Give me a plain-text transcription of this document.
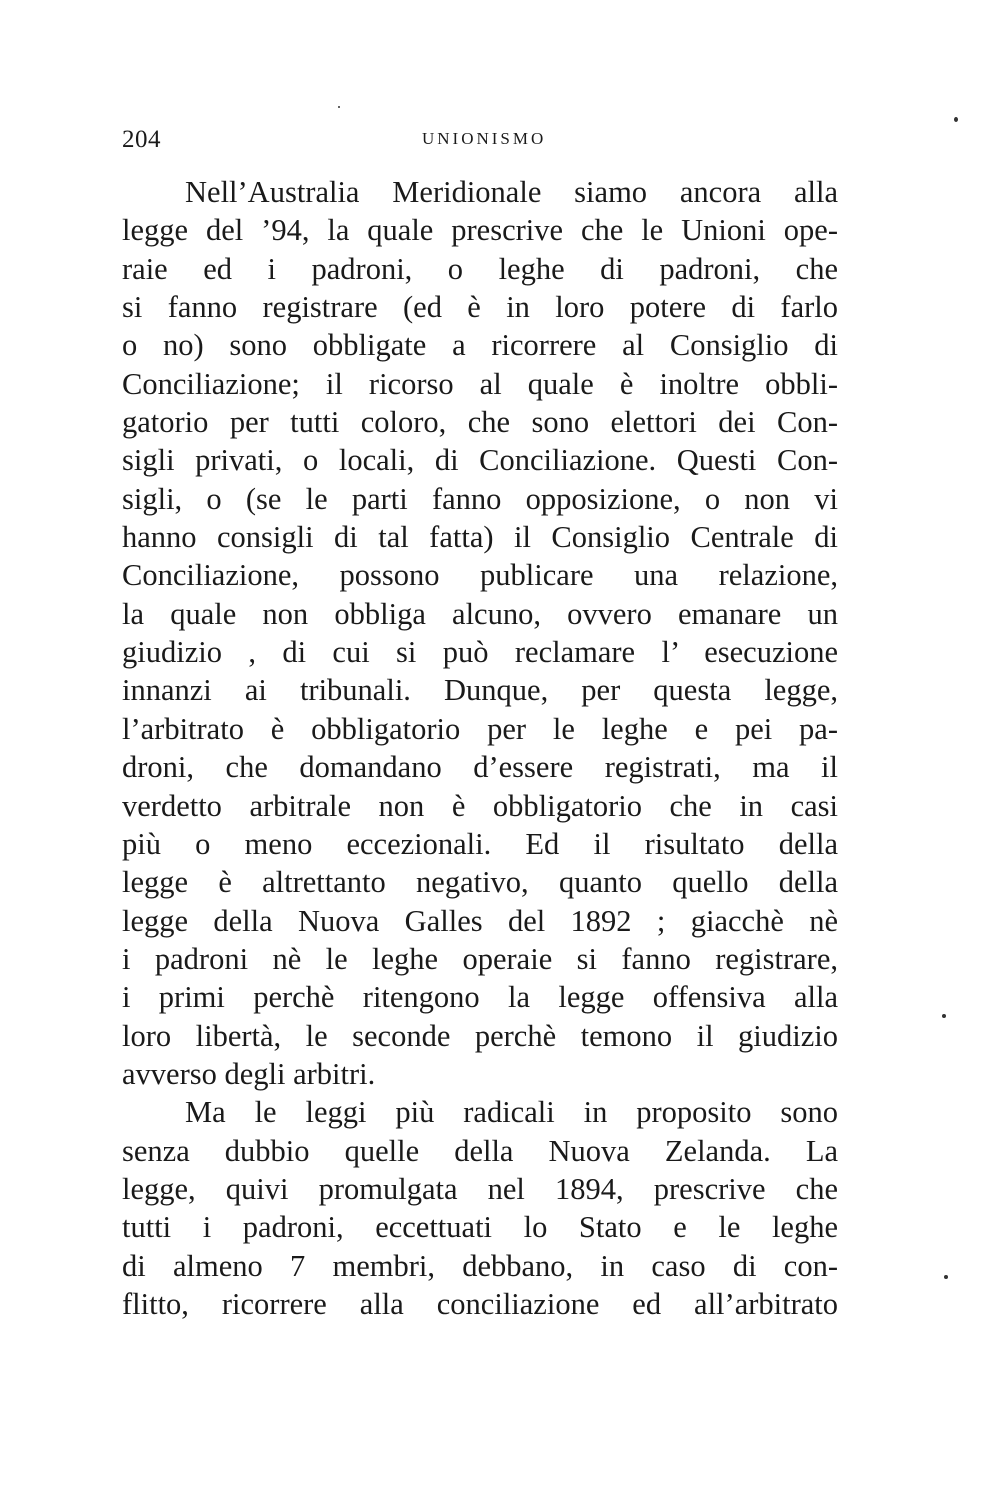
204	UNIONISMO
Nell’Australia Meridionale siamo ancora alla
legge del ’94, la quale prescrive che le Unioni ope-
raie ed i padroni, o leghe di padroni, che
si fanno registrare (ed è in loro potere di farlo
o no) sono obbligate a ricorrere al Consiglio di
Conciliazione; il ricorso al quale è inoltre obbli-
gatorio per tutti coloro, che sono elettori dei Con-
sigli privati, o locali, di Conciliazione. Questi Con-
sigli, o (se le parti fanno opposizione, o non vi
hanno consigli di tal fatta) il Consiglio Centrale di
Conciliazione, possono publicare una relazione,
la quale non obbliga alcuno, ovvero emanare un
giudizio , di cui si può reclamare l’ esecuzione
innanzi ai tribunali. Dunque, per questa legge,
l’arbitrato è obbligatorio per le leghe e pei pa-
droni, che domandano d’essere registrati, ma il
verdetto arbitrale non è obbligatorio che in casi
più o meno eccezionali. Ed il risultato della
legge è altrettanto negativo, quanto quello della
legge della Nuova Galles del 1892 ; giacchè nè
i padroni nè le leghe operaie si fanno registrare,
i primi perchè ritengono la legge offensiva alla
loro libertà, le seconde perchè temono il giudizio
avverso degli arbitri.
Ma le leggi più radicali in proposito sono
senza dubbio quelle della Nuova Zelanda. La
legge, quivi promulgata nel 1894, prescrive che
tutti i padroni, eccettuati lo Stato e le leghe
di almeno 7 membri, debbano, in caso di con-
flitto, ricorrere alla conciliazione ed all’arbitrato
